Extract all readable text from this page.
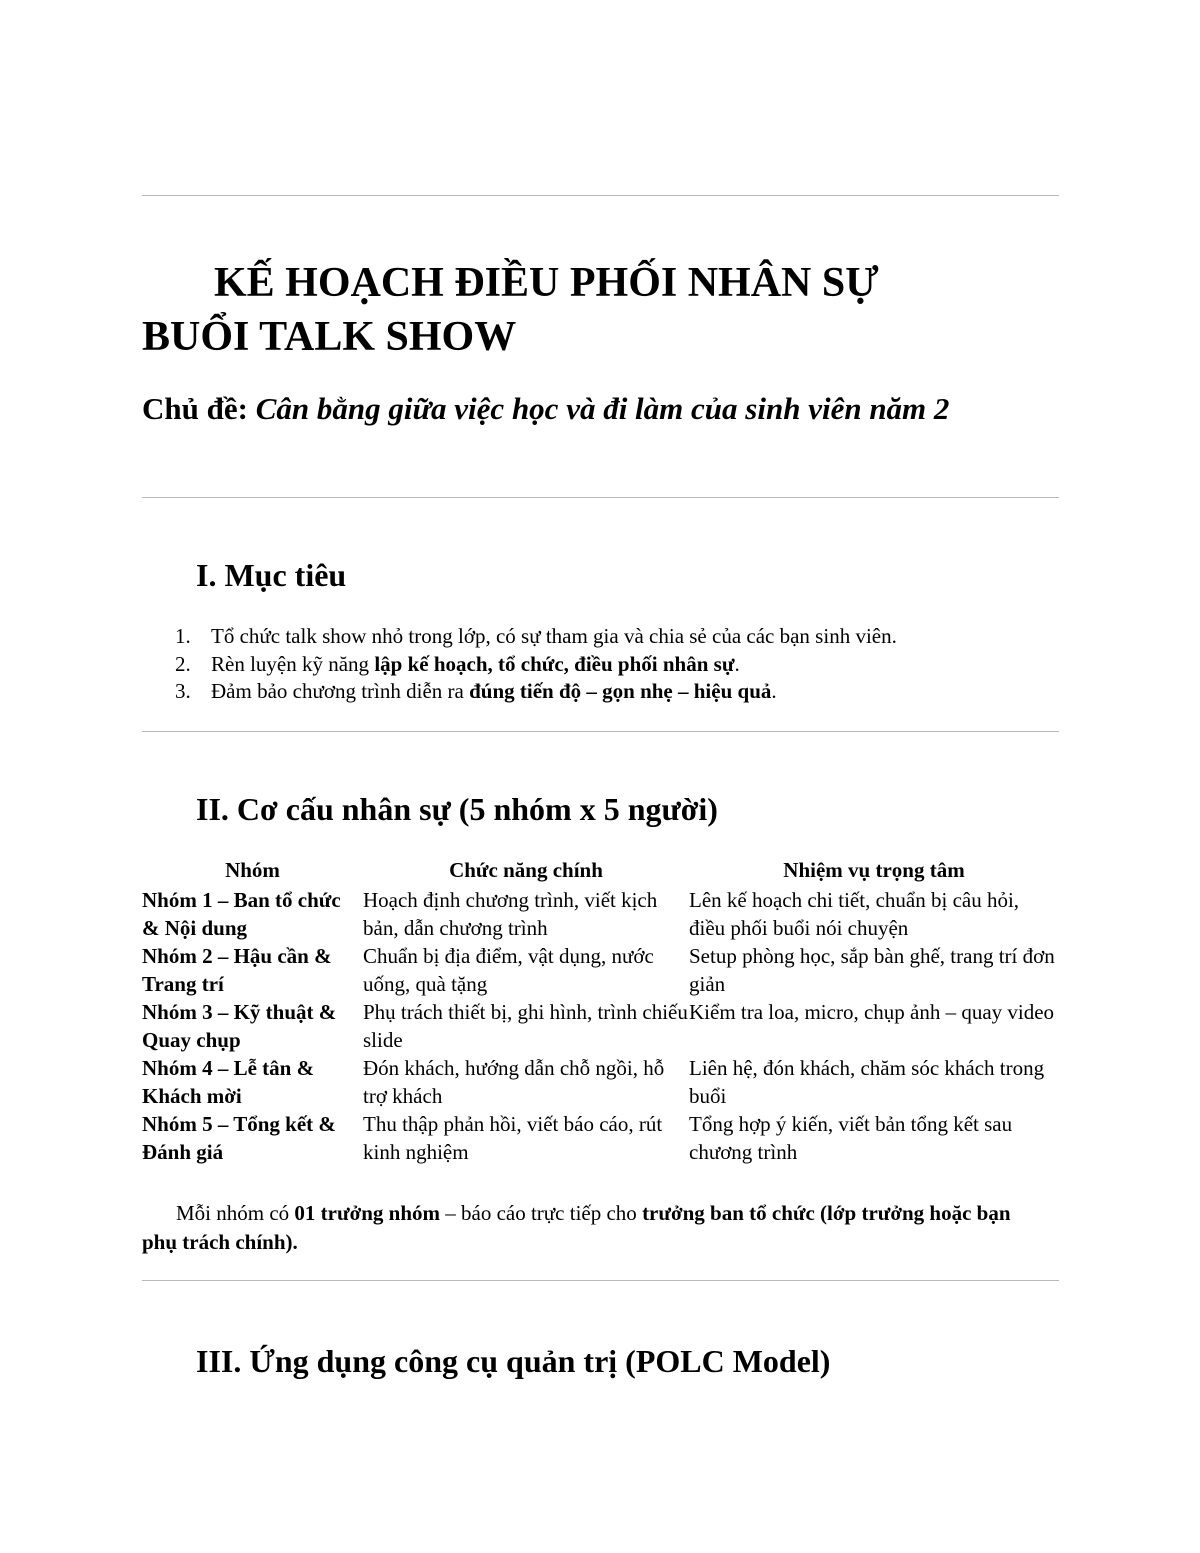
KẾ HOẠCH ĐIỀU PHỐI NHÂN SỰ
BUỔI TALK SHOW

Chủ đề: Cân bằng giữa việc học và đi làm của sinh viên năm 2

I. Mục tiêu
1. Tổ chức talk show nhỏ trong lớp, có sự tham gia và chia sẻ của các bạn sinh viên.
2. Rèn luyện kỹ năng lập kế hoạch, tổ chức, điều phối nhân sự.
3. Đảm bảo chương trình diễn ra đúng tiến độ – gọn nhẹ – hiệu quả.
II. Cơ cấu nhân sự (5 nhóm x 5 người)
Nhóm	Chức năng chính	Nhiệm vụ trọng tâm
Nhóm 1 – Ban tổ chức & Nội dung	Hoạch định chương trình, viết kịch bản, dẫn chương trình	Lên kế hoạch chi tiết, chuẩn bị câu hỏi, điều phối buổi nói chuyện
Nhóm 2 – Hậu cần & Trang trí	Chuẩn bị địa điểm, vật dụng, nước uống, quà tặng	Setup phòng học, sắp bàn ghế, trang trí đơn giản
Nhóm 3 – Kỹ thuật & Quay chụp	Phụ trách thiết bị, ghi hình, trình chiếu slide	Kiểm tra loa, micro, chụp ảnh – quay video
Nhóm 4 – Lễ tân & Khách mời	Đón khách, hướng dẫn chỗ ngồi, hỗ trợ khách	Liên hệ, đón khách, chăm sóc khách trong buổi
Nhóm 5 – Tổng kết & Đánh giá	Thu thập phản hồi, viết báo cáo, rút kinh nghiệm	Tổng hợp ý kiến, viết bản tổng kết sau chương trình

Mỗi nhóm có 01 trưởng nhóm – báo cáo trực tiếp cho trưởng ban tổ chức (lớp trưởng hoặc bạn phụ trách chính).

III. Ứng dụng công cụ quản trị (POLC Model)
